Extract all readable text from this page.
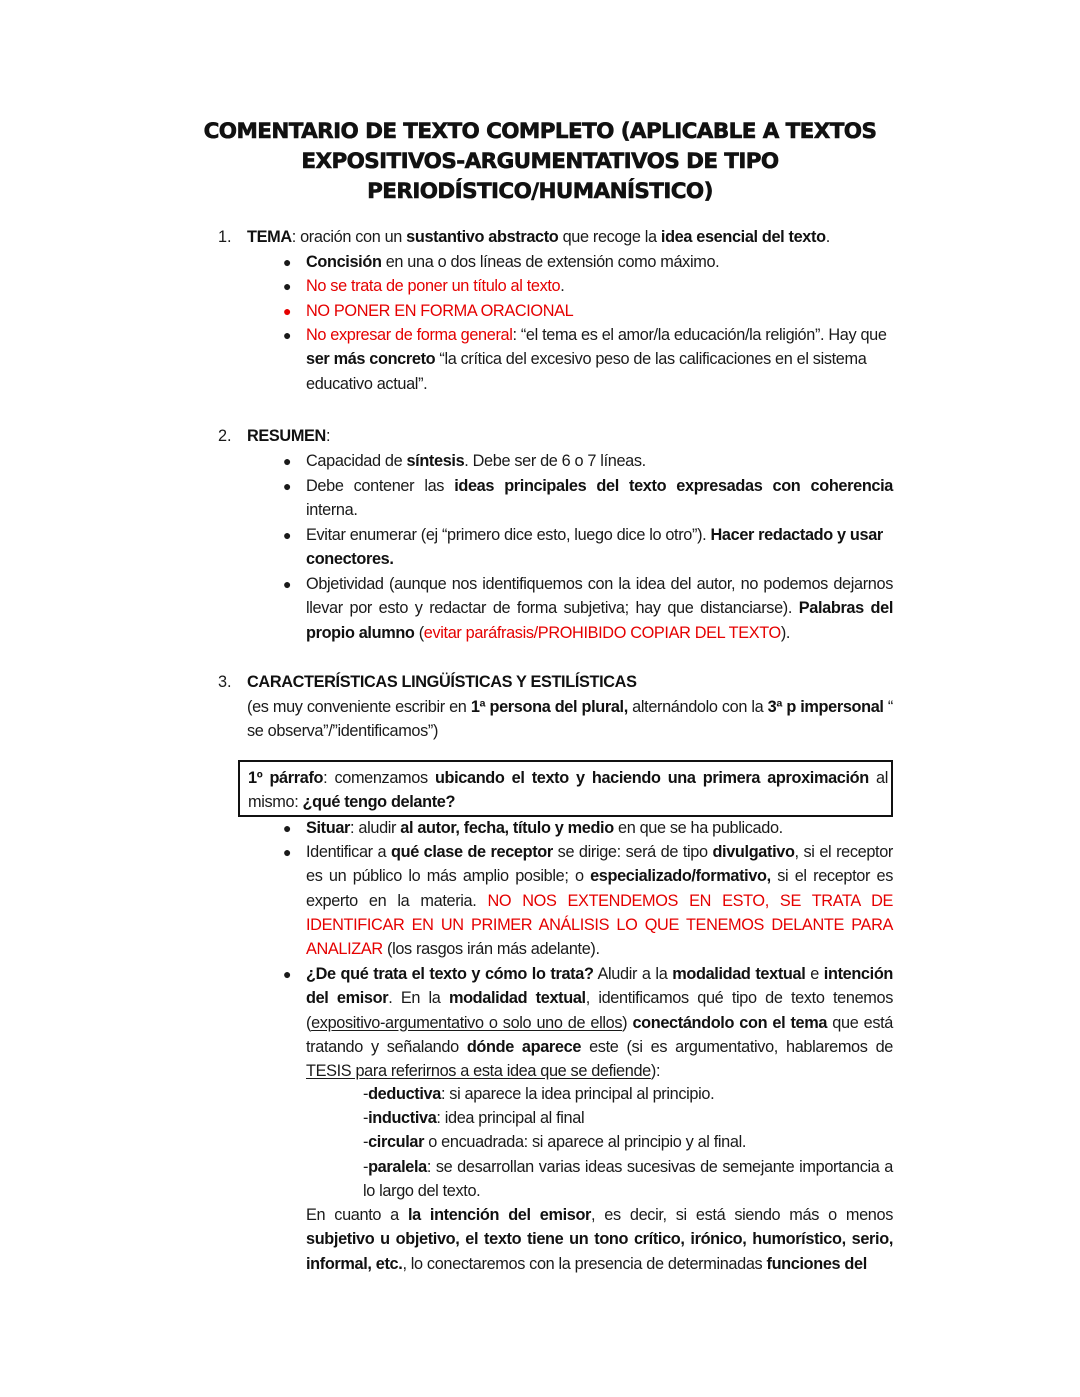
COMENTARIO DE TEXTO COMPLETO (APLICABLE A TEXTOS
EXPOSITIVOS-ARGUMENTATIVOS DE TIPO
PERIODÍSTICO/HUMANÍSTICO)
1. TEMA: oración con un sustantivo abstracto que recoge la idea esencial del texto.
● Concisión en una o dos líneas de extensión como máximo.
● No se trata de poner un título al texto.
● NO PONER EN FORMA ORACIONAL
● No expresar de forma general: “el tema es el amor/la educación/la religión”. Hay que ser más concreto “la crítica del excesivo peso de las calificaciones en el sistema educativo actual”.
2. RESUMEN:
● Capacidad de síntesis. Debe ser de 6 o 7 líneas.
● Debe contener las ideas principales del texto expresadas con coherencia interna.
● Evitar enumerar (ej “primero dice esto, luego dice lo otro”). Hacer redactado y usar conectores.
● Objetividad (aunque nos identifiquemos con la idea del autor, no podemos dejarnos llevar por esto y redactar de forma subjetiva; hay que distanciarse). Palabras del propio alumno (evitar paráfrasis/PROHIBIDO COPIAR DEL TEXTO).
3. CARACTERÍSTICAS LINGÜÍSTICAS Y ESTILÍSTICAS
(es muy conveniente escribir en 1ª persona del plural, alternándolo con la 3ª p impersonal “ se observa”/”identificamos”)
1º párrafo: comenzamos ubicando el texto y haciendo una primera aproximación al mismo: ¿qué tengo delante?
● Situar: aludir al autor, fecha, título y medio en que se ha publicado.
● Identificar a qué clase de receptor se dirige: será de tipo divulgativo, si el receptor es un público lo más amplio posible; o especializado/formativo, si el receptor es experto en la materia. NO NOS EXTENDEMOS EN ESTO, SE TRATA DE IDENTIFICAR EN UN PRIMER ANÁLISIS LO QUE TENEMOS DELANTE PARA ANALIZAR (los rasgos irán más adelante).
● ¿De qué trata el texto y cómo lo trata? Aludir a la modalidad textual e intención del emisor. En la modalidad textual, identificamos qué tipo de texto tenemos (expositivo-argumentativo o solo uno de ellos) conectándolo con el tema que está tratando y señalando dónde aparece este (si es argumentativo, hablaremos de TESIS para referirnos a esta idea que se defiende):
-deductiva: si aparece la idea principal al principio.
-inductiva: idea principal al final
-circular o encuadrada: si aparece al principio y al final.
-paralela: se desarrollan varias ideas sucesivas de semejante importancia a lo largo del texto.
En cuanto a la intención del emisor, es decir, si está siendo más o menos subjetivo u objetivo, el texto tiene un tono crítico, irónico, humorístico, serio, informal, etc., lo conectaremos con la presencia de determinadas funciones del
